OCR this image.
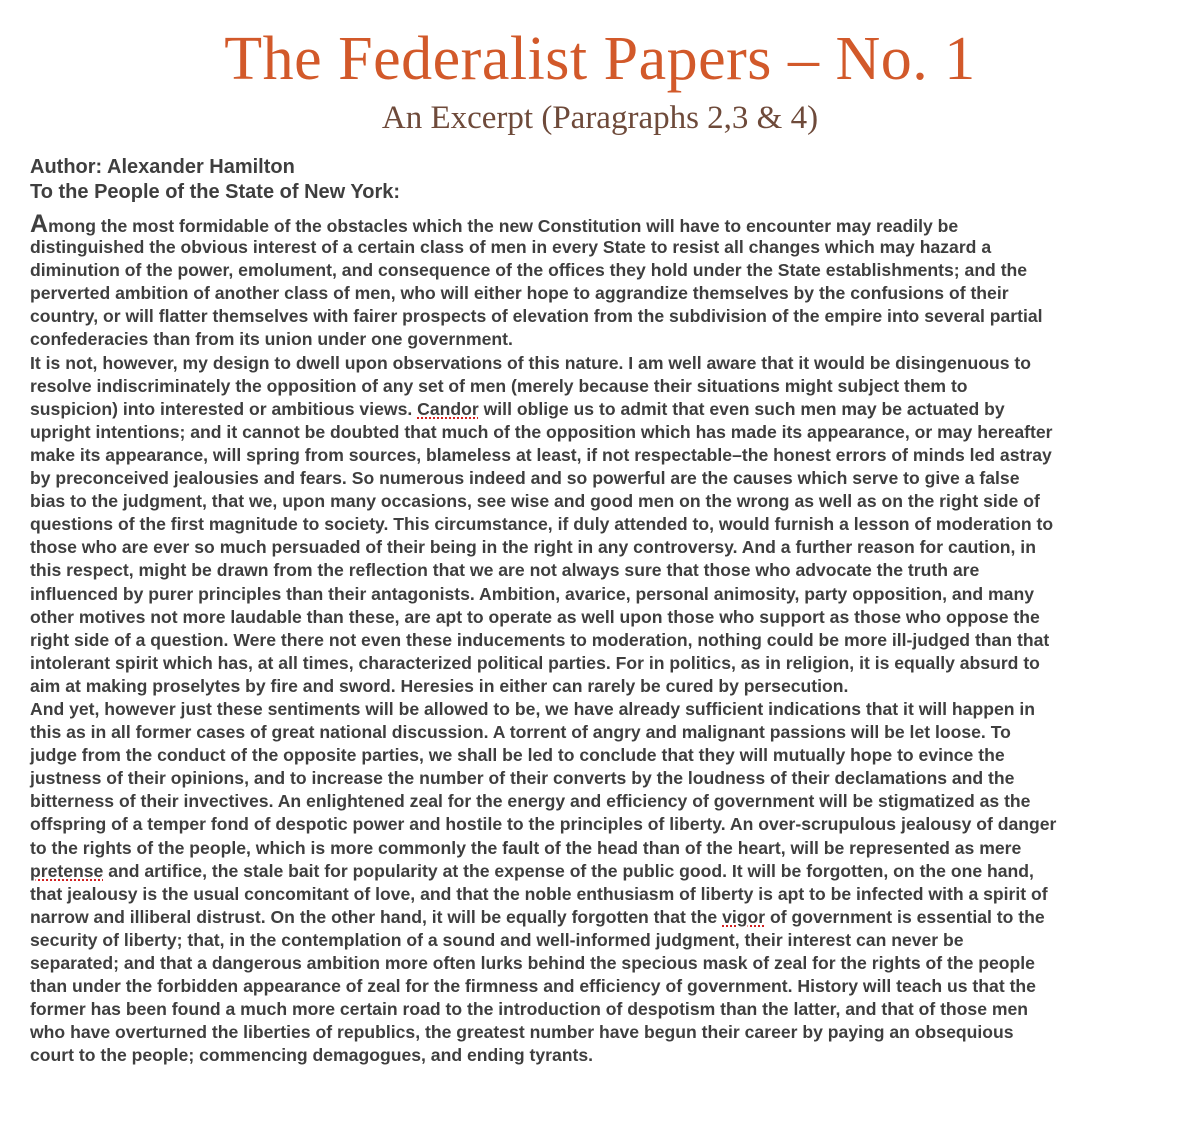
The Federalist Papers – No. 1
An Excerpt (Paragraphs 2,3 & 4)
Author: Alexander Hamilton
To the People of the State of New York:
Among the most formidable of the obstacles which the new Constitution will have to encounter may readily be
distinguished the obvious interest of a certain class of men in every State to resist all changes which may hazard a
diminution of the power, emolument, and consequence of the offices they hold under the State establishments; and the
perverted ambition of another class of men, who will either hope to aggrandize themselves by the confusions of their
country, or will flatter themselves with fairer prospects of elevation from the subdivision of the empire into several partial
confederacies than from its union under one government.
It is not, however, my design to dwell upon observations of this nature. I am well aware that it would be disingenuous to
resolve indiscriminately the opposition of any set of men (merely because their situations might subject them to
suspicion) into interested or ambitious views. Candor will oblige us to admit that even such men may be actuated by
upright intentions; and it cannot be doubted that much of the opposition which has made its appearance, or may hereafter
make its appearance, will spring from sources, blameless at least, if not respectable–the honest errors of minds led astray
by preconceived jealousies and fears. So numerous indeed and so powerful are the causes which serve to give a false
bias to the judgment, that we, upon many occasions, see wise and good men on the wrong as well as on the right side of
questions of the first magnitude to society. This circumstance, if duly attended to, would furnish a lesson of moderation to
those who are ever so much persuaded of their being in the right in any controversy. And a further reason for caution, in
this respect, might be drawn from the reflection that we are not always sure that those who advocate the truth are
influenced by purer principles than their antagonists. Ambition, avarice, personal animosity, party opposition, and many
other motives not more laudable than these, are apt to operate as well upon those who support as those who oppose the
right side of a question. Were there not even these inducements to moderation, nothing could be more ill-judged than that
intolerant spirit which has, at all times, characterized political parties. For in politics, as in religion, it is equally absurd to
aim at making proselytes by fire and sword. Heresies in either can rarely be cured by persecution.
And yet, however just these sentiments will be allowed to be, we have already sufficient indications that it will happen in
this as in all former cases of great national discussion. A torrent of angry and malignant passions will be let loose. To
judge from the conduct of the opposite parties, we shall be led to conclude that they will mutually hope to evince the
justness of their opinions, and to increase the number of their converts by the loudness of their declamations and the
bitterness of their invectives. An enlightened zeal for the energy and efficiency of government will be stigmatized as the
offspring of a temper fond of despotic power and hostile to the principles of liberty. An over-scrupulous jealousy of danger
to the rights of the people, which is more commonly the fault of the head than of the heart, will be represented as mere
pretense and artifice, the stale bait for popularity at the expense of the public good. It will be forgotten, on the one hand,
that jealousy is the usual concomitant of love, and that the noble enthusiasm of liberty is apt to be infected with a spirit of
narrow and illiberal distrust. On the other hand, it will be equally forgotten that the vigor of government is essential to the
security of liberty; that, in the contemplation of a sound and well-informed judgment, their interest can never be
separated; and that a dangerous ambition more often lurks behind the specious mask of zeal for the rights of the people
than under the forbidden appearance of zeal for the firmness and efficiency of government. History will teach us that the
former has been found a much more certain road to the introduction of despotism than the latter, and that of those men
who have overturned the liberties of republics, the greatest number have begun their career by paying an obsequious
court to the people; commencing demagogues, and ending tyrants.
